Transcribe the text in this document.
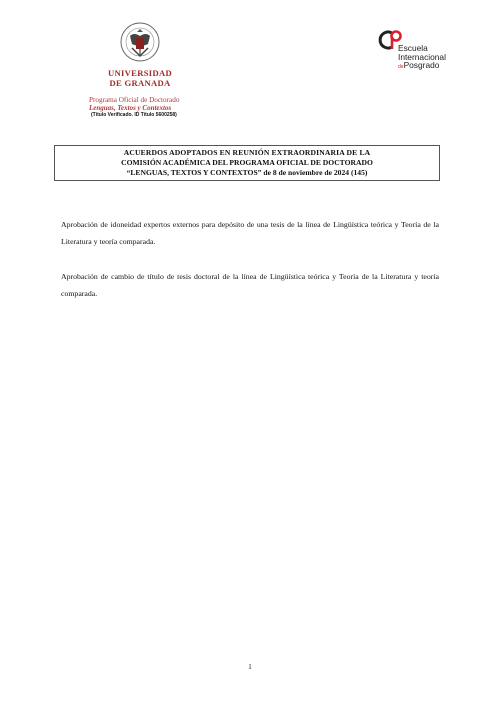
UNIVERSIDAD
DE GRANADA
Programa Oficial de Doctorado
Lenguas, Textos y Contextos
(Título Verificado. ID Título 5600258)
Escuela
Internacional
dePosgrado
ACUERDOS ADOPTADOS EN REUNIÓN EXTRAORDINARIA DE LA
COMISIÓN ACADÉMICA DEL PROGRAMA OFICIAL DE DOCTORADO
“LENGUAS, TEXTOS Y CONTEXTOS” de 8 de noviembre de 2024 (145)

Aprobación de idoneidad expertos externos para depósito de una tesis de la línea de Lingüística teórica y Teoría de la Literatura y teoría comparada.

Aprobación de cambio de título de tesis doctoral de la línea de Lingüística teórica y Teoría de la Literatura y teoría comparada.

1
